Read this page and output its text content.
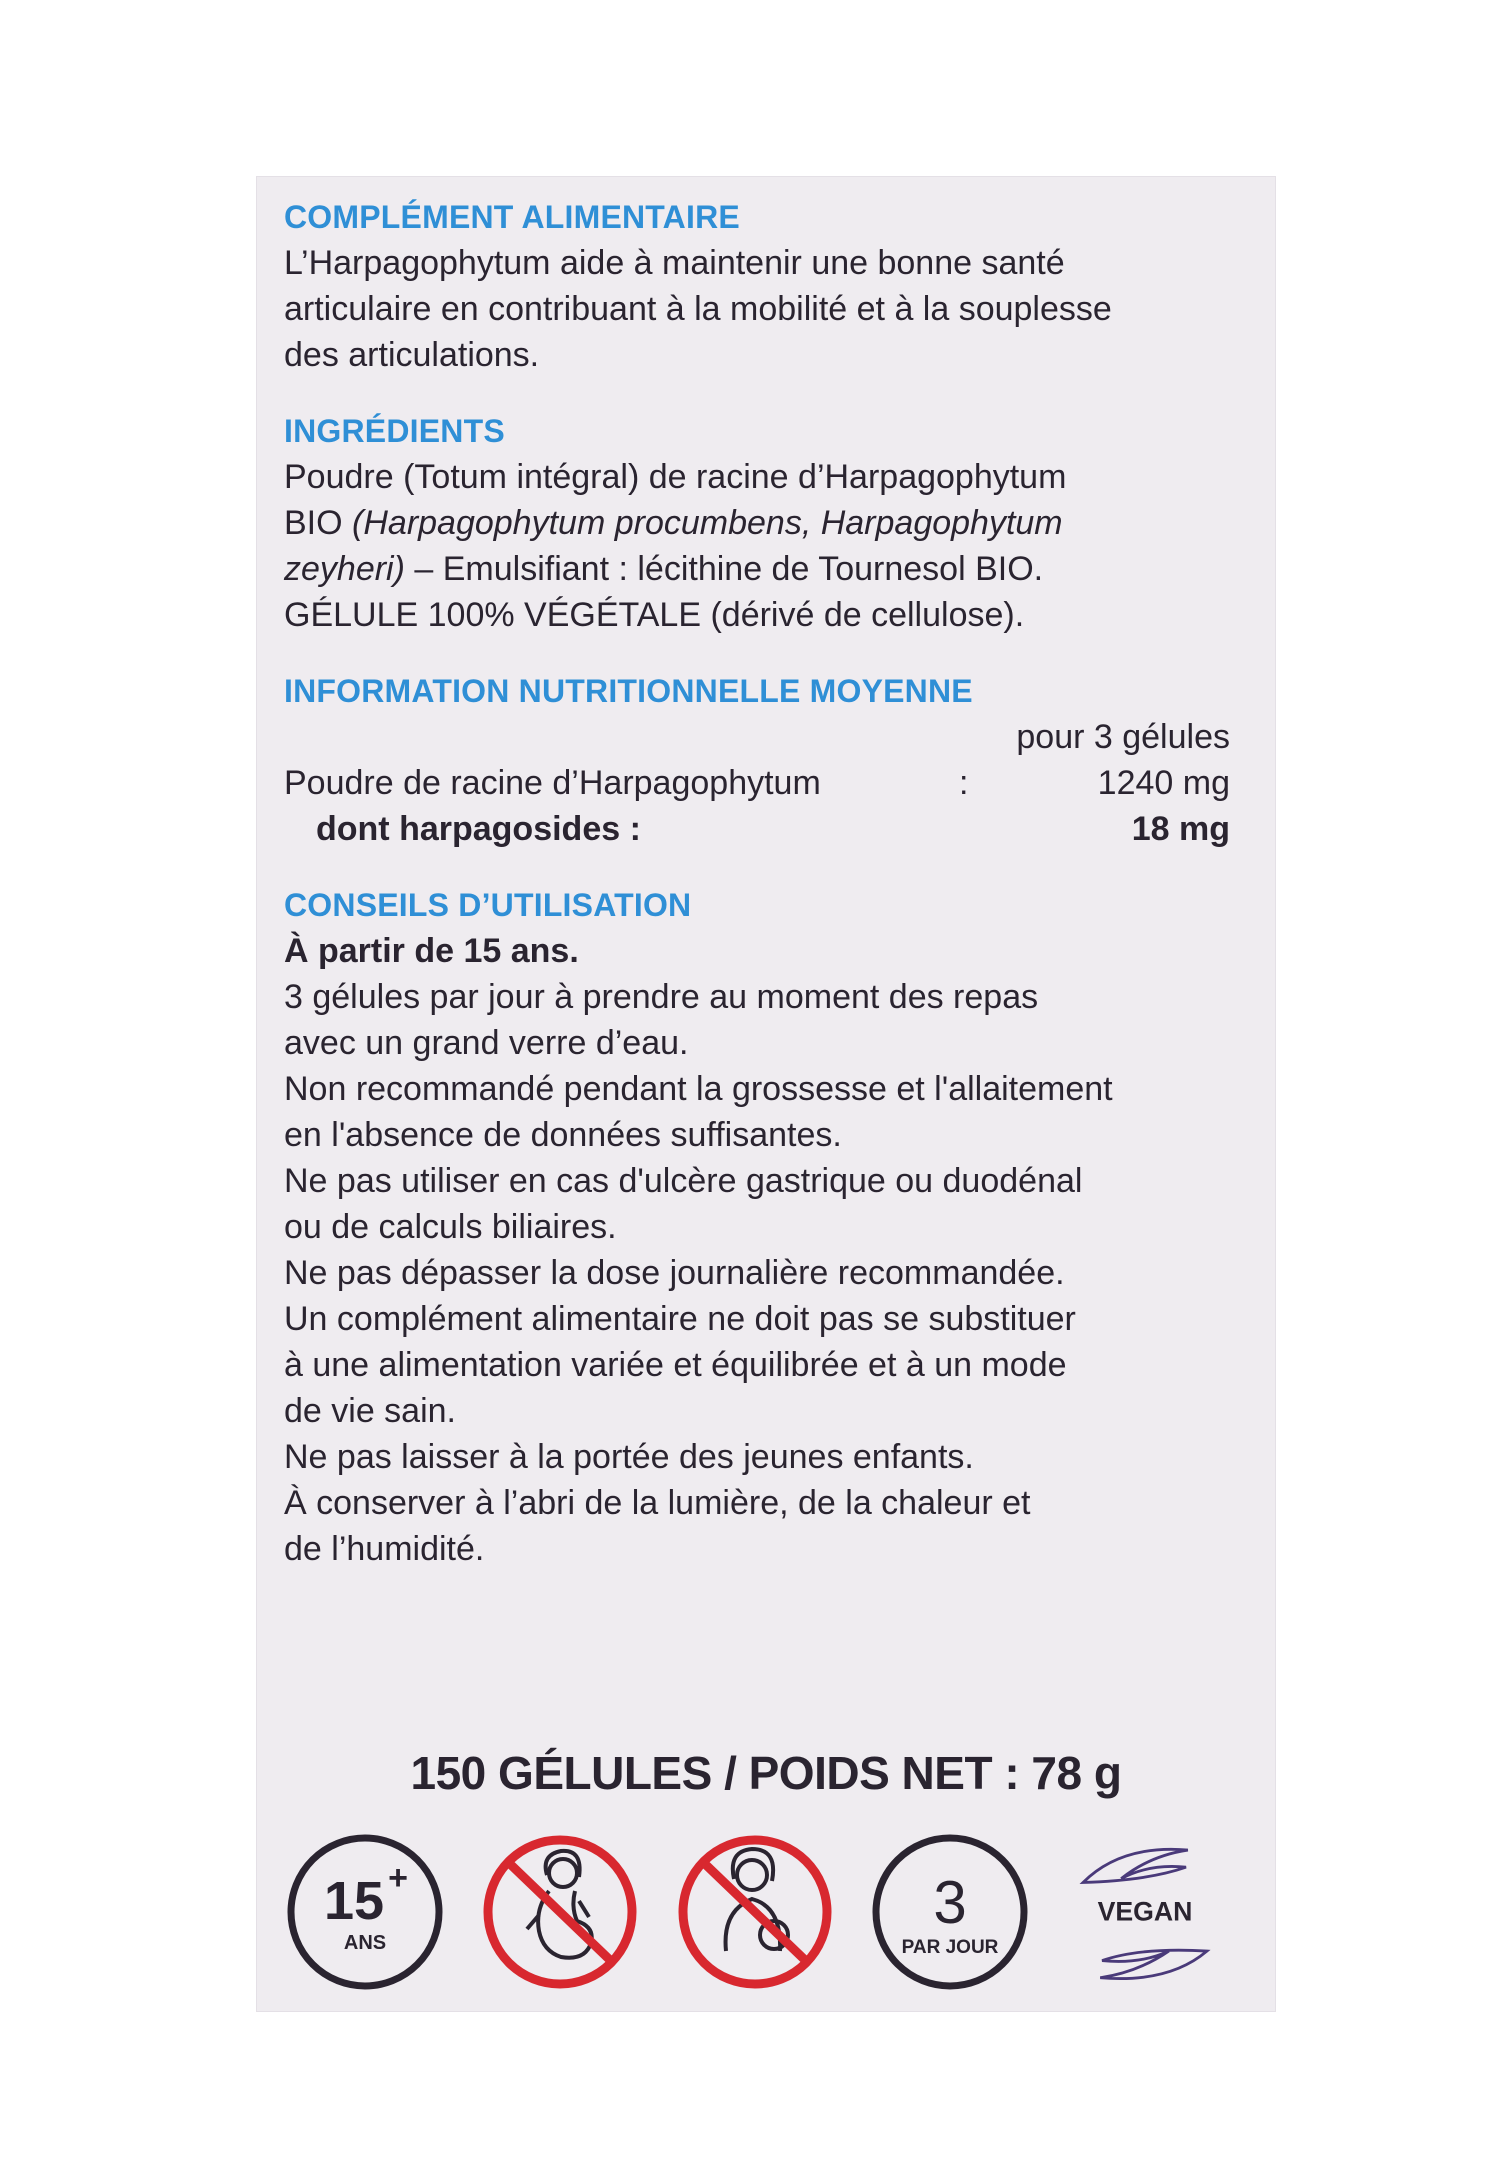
COMPLÉMENT ALIMENTAIRE

L’Harpagophytum aide à maintenir une bonne santé

articulaire en contribuant à la mobilité et à la souplesse

des articulations.

INGRÉDIENTS

Poudre (Totum intégral) de racine d’Harpagophytum

BIO (Harpagophytum procumbens, Harpagophytum

zeyheri) – Emulsifiant : lécithine de Tournesol BIO.

GÉLULE 100% VÉGÉTALE (dérivé de cellulose).

INFORMATION NUTRITIONNELLE MOYENNE

pour 3 gélules
Poudre de racine d’Harpagophytum	:	1240 mg
dont harpagosides :	18 mg

CONSEILS D’UTILISATION

À partir de 15 ans.

3 gélules par jour à prendre au moment des repas

avec un grand verre d’eau.

Non recommandé pendant la grossesse et l'allaitement

en l'absence de données suffisantes.

Ne pas utiliser en cas d'ulcère gastrique ou duodénal

ou de calculs biliaires.

Ne pas dépasser la dose journalière recommandée.

Un complément alimentaire ne doit pas se substituer

à une alimentation variée et équilibrée et à un mode

de vie sain.

Ne pas laisser à la portée des jeunes enfants.

À conserver à l’abri de la lumière, de la chaleur et

de l’humidité.

150 GÉLULES / POIDS NET : 78 g
15 +
ANS
3
PAR JOUR
VEGAN
